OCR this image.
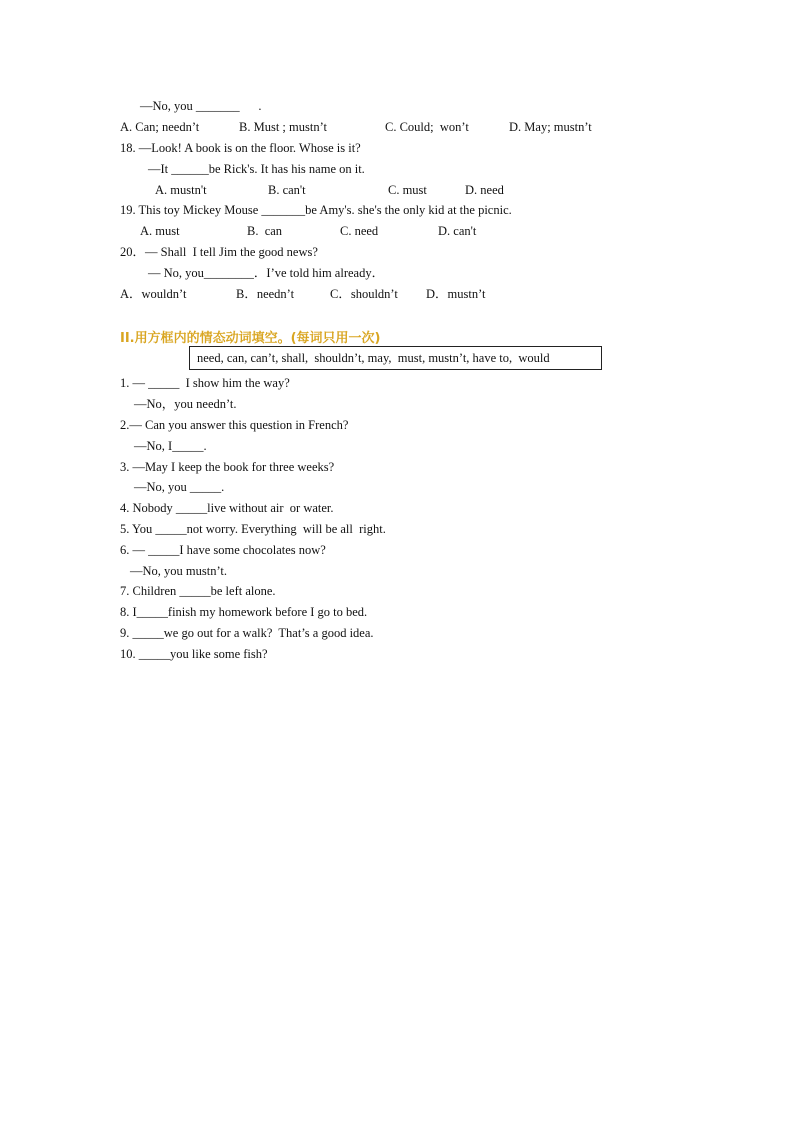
—No, you _______      .
A. Can; needn’t	B. Must ; mustn’t	C. Could;  won’t	D. May; mustn’t
18. —Look! A book is on the floor. Whose is it?
—It ______be Rick's. It has his name on it.
A. mustn't	B. can't	C. must	D. need
19. This toy Mickey Mouse _______be Amy's. she's the only kid at the picnic.
A. must	B.  can	C. need	D. can't
20．— Shall  I tell Jim the good news?
— No, you________．I’ve told him already．
A．wouldn’t	B．needn’t	C．shouldn’t D．mustn’t
II.用方框内的情态动词填空。(每词只用一次)
need, can, can’t, shall,  shouldn’t, may,  must, mustn’t, have to,  would
1. — _____  I show him the way?
—No，you needn’t.
2.— Can you answer this question in French?
—No, I_____.
3. —May I keep the book for three weeks?
—No, you _____.
4. Nobody _____live without air  or water.
5. You _____not worry. Everything  will be all  right.
6. — _____I have some chocolates now?
—No, you mustn’t.
7. Children _____be left alone.
8. I_____finish my homework before I go to bed.
9. _____we go out for a walk?  That’s a good idea.
10. _____you like some fish?
